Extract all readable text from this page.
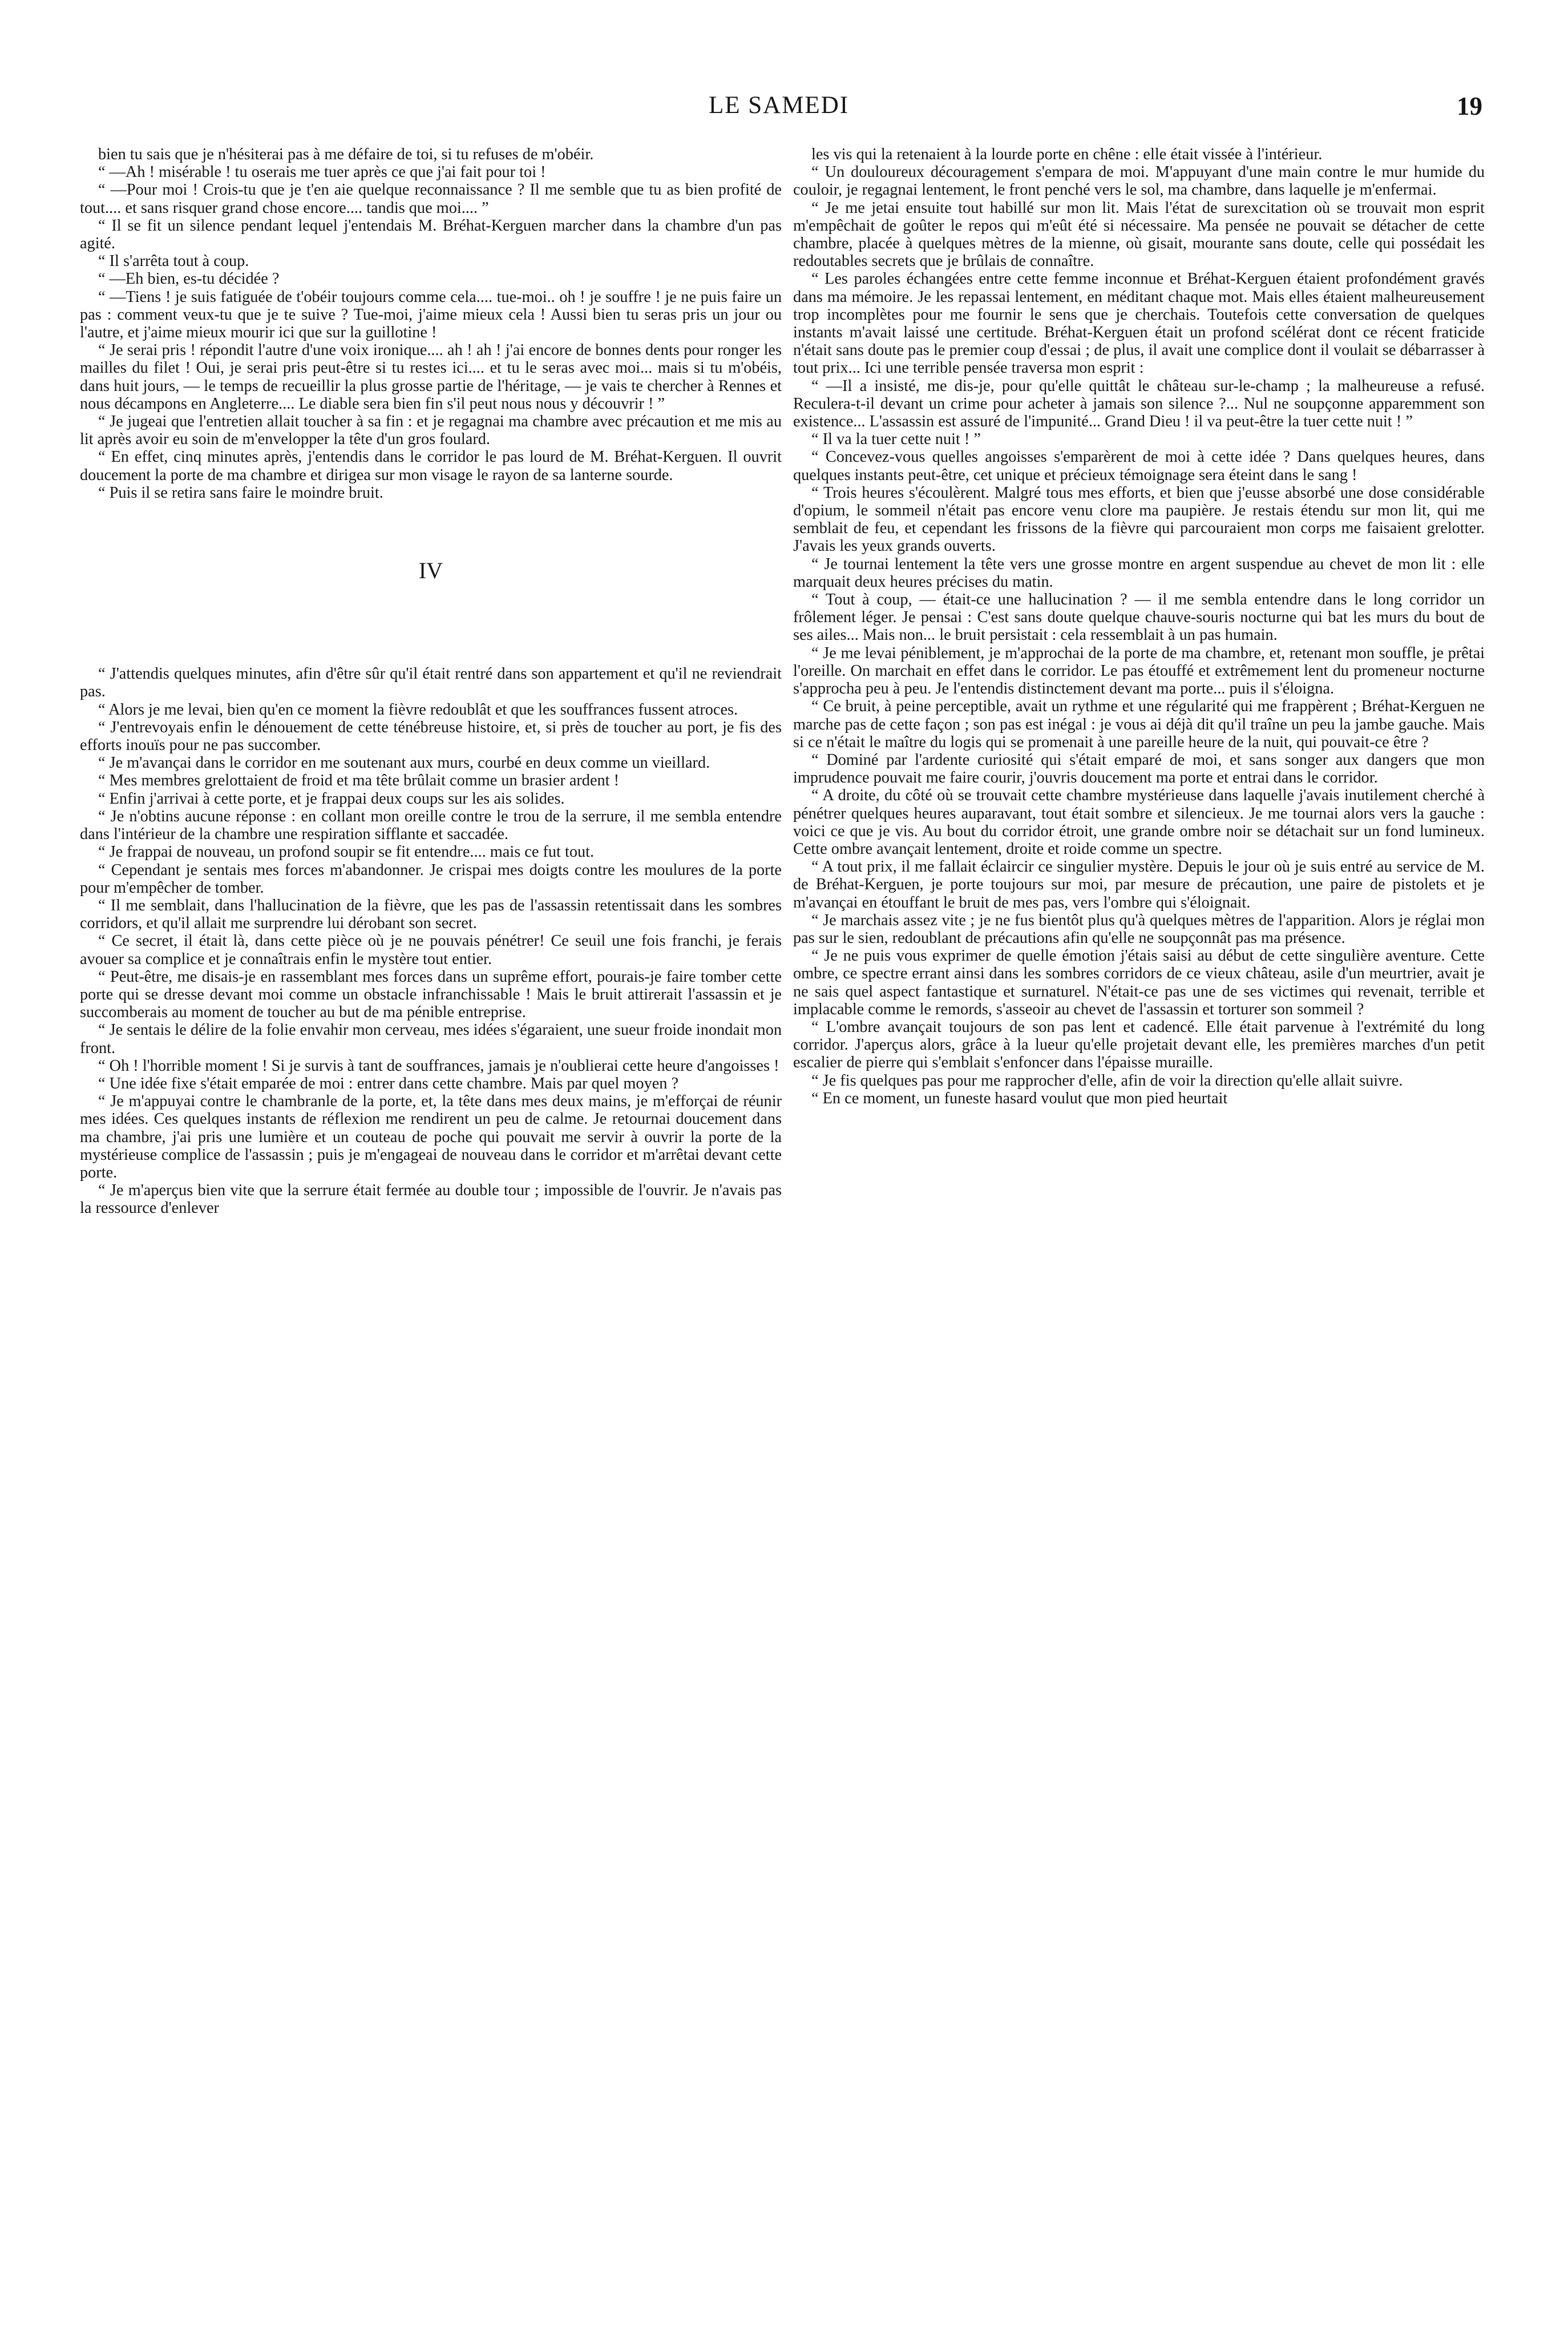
LE SAMEDI	19

bien tu sais que je n'hésiterai pas à me défaire de toi, si tu refuses de m'obéir.

“ —Ah ! misérable ! tu oserais me tuer après ce que j'ai fait pour toi !

“ —Pour moi ! Crois-tu que je t'en aie quelque reconnaissance ? Il me semble que tu as bien profité de tout.... et sans risquer grand chose encore.... tandis que moi.... ”

“ Il se fit un silence pendant lequel j'entendais M. Bréhat-Kerguen marcher dans la chambre d'un pas agité.

“ Il s'arrêta tout à coup.

“ —Eh bien, es-tu décidée ?

“ —Tiens ! je suis fatiguée de t'obéir toujours comme cela.... tue-moi.. oh ! je souffre ! je ne puis faire un pas : comment veux-tu que je te suive ? Tue-moi, j'aime mieux cela ! Aussi bien tu seras pris un jour ou l'autre, et j'aime mieux mourir ici que sur la guillotine !

“ Je serai pris ! répondit l'autre d'une voix ironique.... ah ! ah ! j'ai encore de bonnes dents pour ronger les mailles du filet ! Oui, je serai pris peut-être si tu restes ici.... et tu le seras avec moi... mais si tu m'obéis, dans huit jours, — le temps de recueillir la plus grosse partie de l'héritage, — je vais te chercher à Rennes et nous décampons en Angleterre.... Le diable sera bien fin s'il peut nous nous y découvrir ! ”

“ Je jugeai que l'entretien allait toucher à sa fin : et je regagnai ma chambre avec précaution et me mis au lit après avoir eu soin de m'envelopper la tête d'un gros foulard.

“ En effet, cinq minutes après, j'entendis dans le corridor le pas lourd de M. Bréhat-Kerguen. Il ouvrit doucement la porte de ma chambre et dirigea sur mon visage le rayon de sa lanterne sourde.

“ Puis il se retira sans faire le moindre bruit.

IV

“ J'attendis quelques minutes, afin d'être sûr qu'il était rentré dans son appartement et qu'il ne reviendrait pas.

“ Alors je me levai, bien qu'en ce moment la fièvre redoublât et que les souffrances fussent atroces.

“ J'entrevoyais enfin le dénouement de cette ténébreuse histoire, et, si près de toucher au port, je fis des efforts inouïs pour ne pas succomber.

“ Je m'avançai dans le corridor en me soutenant aux murs, courbé en deux comme un vieillard.

“ Mes membres grelottaient de froid et ma tête brûlait comme un brasier ardent !

“ Enfin j'arrivai à cette porte, et je frappai deux coups sur les ais solides.

“ Je n'obtins aucune réponse : en collant mon oreille contre le trou de la serrure, il me sembla entendre dans l'intérieur de la chambre une respiration sifflante et saccadée.

“ Je frappai de nouveau, un profond soupir se fit entendre.... mais ce fut tout.

“ Cependant je sentais mes forces m'abandonner. Je crispai mes doigts contre les moulures de la porte pour m'empêcher de tomber.

“ Il me semblait, dans l'hallucination de la fièvre, que les pas de l'assassin retentissait dans les sombres corridors, et qu'il allait me surprendre lui dérobant son secret.

“ Ce secret, il était là, dans cette pièce où je ne pouvais pénétrer! Ce seuil une fois franchi, je ferais avouer sa complice et je connaîtrais enfin le mystère tout entier.

“ Peut-être, me disais-je en rassemblant mes forces dans un suprême effort, pourais-je faire tomber cette porte qui se dresse devant moi comme un obstacle infranchissable ! Mais le bruit attirerait l'assassin et je succomberais au moment de toucher au but de ma pénible entreprise.

“ Je sentais le délire de la folie envahir mon cerveau, mes idées s'égaraient, une sueur froide inondait mon front.

“ Oh ! l'horrible moment ! Si je survis à tant de souffrances, jamais je n'oublierai cette heure d'angoisses !

“ Une idée fixe s'était emparée de moi : entrer dans cette chambre. Mais par quel moyen ?

“ Je m'appuyai contre le chambranle de la porte, et, la tête dans mes deux mains, je m'efforçai de réunir mes idées. Ces quelques instants de réflexion me rendirent un peu de calme. Je retournai doucement dans ma chambre, j'ai pris une lumière et un couteau de poche qui pouvait me servir à ouvrir la porte de la mystérieuse complice de l'assassin ; puis je m'engageai de nouveau dans le corridor et m'arrêtai devant cette porte.

“ Je m'aperçus bien vite que la serrure était fermée au double tour ; impossible de l'ouvrir. Je n'avais pas la ressource d'enlever

les vis qui la retenaient à la lourde porte en chêne : elle était vissée à l'intérieur.

“ Un douloureux découragement s'empara de moi. M'appuyant d'une main contre le mur humide du couloir, je regagnai lentement, le front penché vers le sol, ma chambre, dans laquelle je m'enfermai.

“ Je me jetai ensuite tout habillé sur mon lit. Mais l'état de surexcitation où se trouvait mon esprit m'empêchait de goûter le repos qui m'eût été si nécessaire. Ma pensée ne pouvait se détacher de cette chambre, placée à quelques mètres de la mienne, où gisait, mourante sans doute, celle qui possédait les redoutables secrets que je brûlais de connaître.

“ Les paroles échangées entre cette femme inconnue et Bréhat-Kerguen étaient profondément gravés dans ma mémoire. Je les repassai lentement, en méditant chaque mot. Mais elles étaient malheureusement trop incomplètes pour me fournir le sens que je cherchais. Toutefois cette conversation de quelques instants m'avait laissé une certitude. Bréhat-Kerguen était un profond scélérat dont ce récent fraticide n'était sans doute pas le premier coup d'essai ; de plus, il avait une complice dont il voulait se débarrasser à tout prix... Ici une terrible pensée traversa mon esprit :

“ —Il a insisté, me dis-je, pour qu'elle quittât le château sur-le-champ ; la malheureuse a refusé. Reculera-t-il devant un crime pour acheter à jamais son silence ?... Nul ne soupçonne apparemment son existence... L'assassin est assuré de l'impunité... Grand Dieu ! il va peut-être la tuer cette nuit ! ”

“ Il va la tuer cette nuit ! ”

“ Concevez-vous quelles angoisses s'emparèrent de moi à cette idée ? Dans quelques heures, dans quelques instants peut-être, cet unique et précieux témoignage sera éteint dans le sang !

“ Trois heures s'écoulèrent. Malgré tous mes efforts, et bien que j'eusse absorbé une dose considérable d'opium, le sommeil n'était pas encore venu clore ma paupière. Je restais étendu sur mon lit, qui me semblait de feu, et cependant les frissons de la fièvre qui parcouraient mon corps me faisaient grelotter. J'avais les yeux grands ouverts.

“ Je tournai lentement la tête vers une grosse montre en argent suspendue au chevet de mon lit : elle marquait deux heures précises du matin.

“ Tout à coup, — était-ce une hallucination ? — il me sembla entendre dans le long corridor un frôlement léger. Je pensai : C'est sans doute quelque chauve-souris nocturne qui bat les murs du bout de ses ailes... Mais non... le bruit persistait : cela ressemblait à un pas humain.

“ Je me levai péniblement, je m'approchai de la porte de ma chambre, et, retenant mon souffle, je prêtai l'oreille. On marchait en effet dans le corridor. Le pas étouffé et extrêmement lent du promeneur nocturne s'approcha peu à peu. Je l'entendis distinctement devant ma porte... puis il s'éloigna.

“ Ce bruit, à peine perceptible, avait un rythme et une régularité qui me frappèrent ; Bréhat-Kerguen ne marche pas de cette façon ; son pas est inégal : je vous ai déjà dit qu'il traîne un peu la jambe gauche. Mais si ce n'était le maître du logis qui se promenait à une pareille heure de la nuit, qui pouvait-ce être ?

“ Dominé par l'ardente curiosité qui s'était emparé de moi, et sans songer aux dangers que mon imprudence pouvait me faire courir, j'ouvris doucement ma porte et entrai dans le corridor.

“ A droite, du côté où se trouvait cette chambre mystérieuse dans laquelle j'avais inutilement cherché à pénétrer quelques heures auparavant, tout était sombre et silencieux. Je me tournai alors vers la gauche : voici ce que je vis. Au bout du corridor étroit, une grande ombre noir se détachait sur un fond lumineux. Cette ombre avançait lentement, droite et roide comme un spectre.

“ A tout prix, il me fallait éclaircir ce singulier mystère. Depuis le jour où je suis entré au service de M. de Bréhat-Kerguen, je porte toujours sur moi, par mesure de précaution, une paire de pistolets et je m'avançai en étouffant le bruit de mes pas, vers l'ombre qui s'éloignait.

“ Je marchais assez vite ; je ne fus bientôt plus qu'à quelques mètres de l'apparition. Alors je réglai mon pas sur le sien, redoublant de précautions afin qu'elle ne soupçonnât pas ma présence.

“ Je ne puis vous exprimer de quelle émotion j'étais saisi au début de cette singulière aventure. Cette ombre, ce spectre errant ainsi dans les sombres corridors de ce vieux château, asile d'un meurtrier, avait je ne sais quel aspect fantastique et surnaturel. N'était-ce pas une de ses victimes qui revenait, terrible et implacable comme le remords, s'asseoir au chevet de l'assassin et torturer son sommeil ?

“ L'ombre avançait toujours de son pas lent et cadencé. Elle était parvenue à l'extrémité du long corridor. J'aperçus alors, grâce à la lueur qu'elle projetait devant elle, les premières marches d'un petit escalier de pierre qui s'emblait s'enfoncer dans l'épaisse muraille.

“ Je fis quelques pas pour me rapprocher d'elle, afin de voir la direction qu'elle allait suivre.

“ En ce moment, un funeste hasard voulut que mon pied heurtait
